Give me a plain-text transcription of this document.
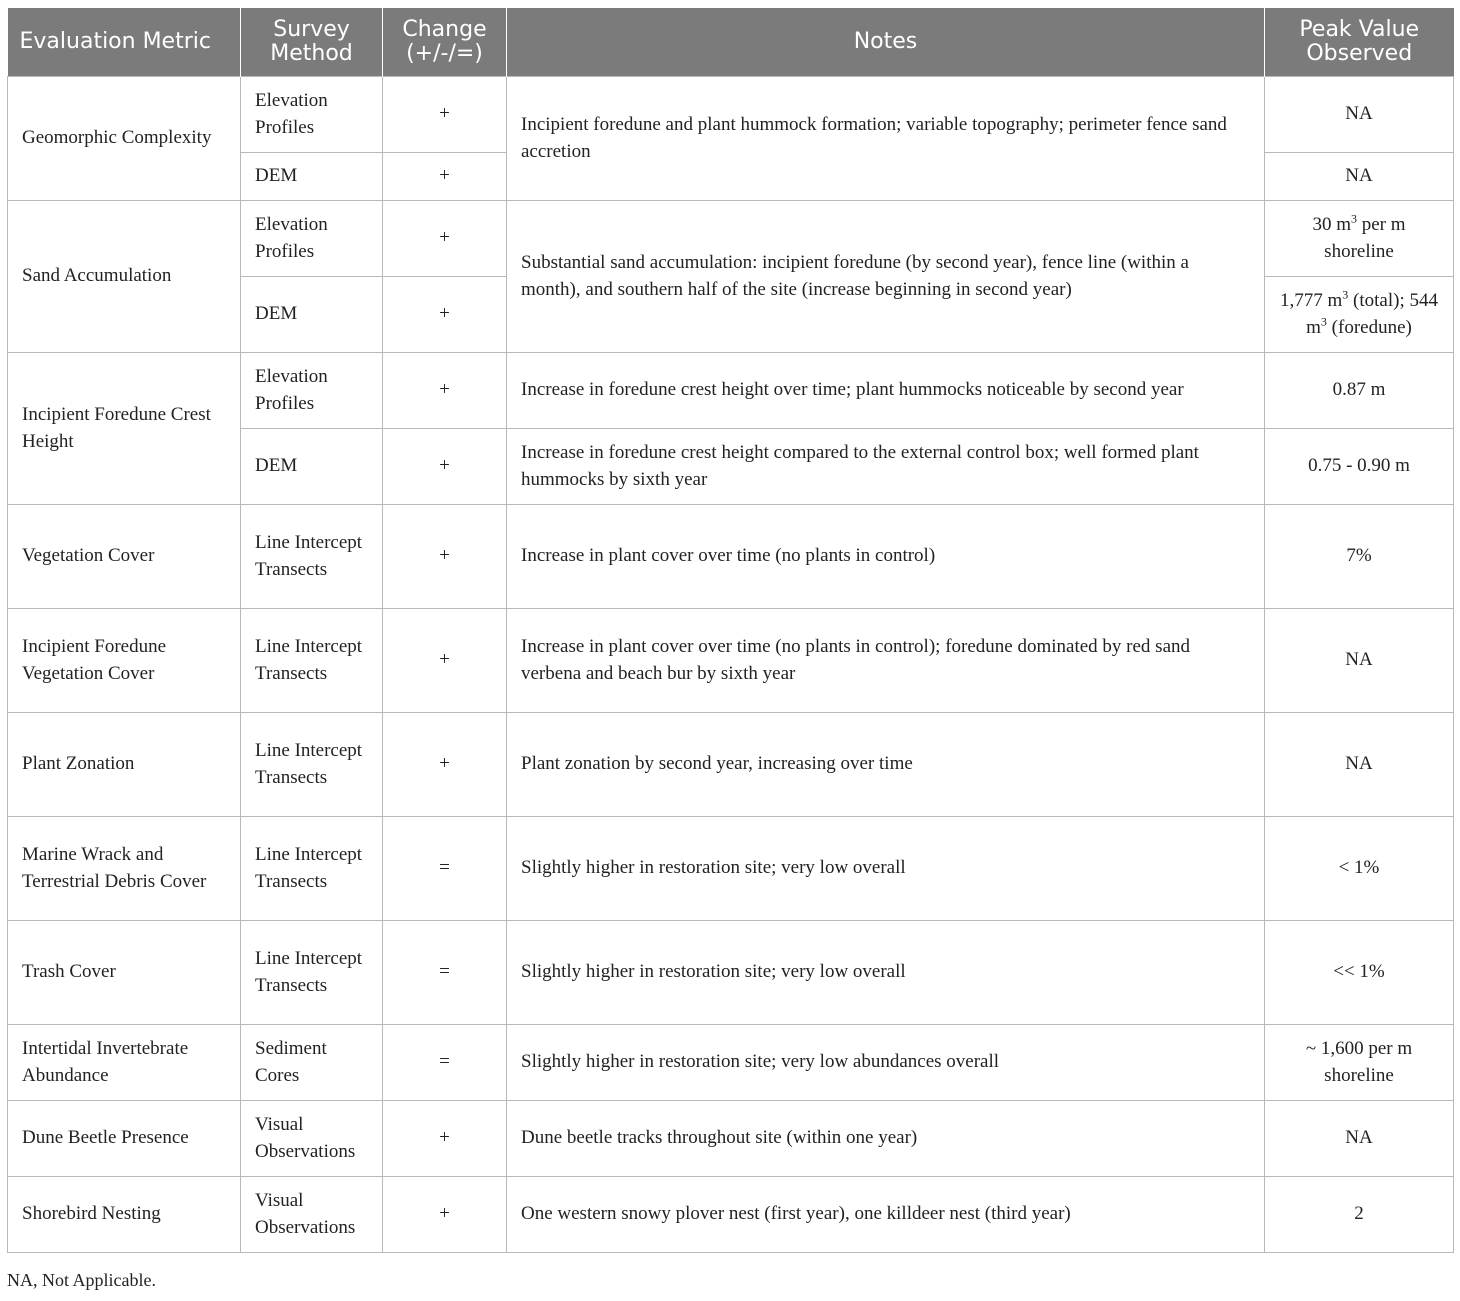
Evaluation Metric	Survey Method	Change (+/-/=)	Notes	Peak Value Observed
Geomorphic Complexity	Elevation Profiles	+	Incipient foredune and plant hummock formation; variable topography; perimeter fence sand accretion	NA
	DEM	+		NA
Sand Accumulation	Elevation Profiles	+	Substantial sand accumulation: incipient foredune (by second year), fence line (within a month), and southern half of the site (increase beginning in second year)	30 $m^3$ per m shoreline
	DEM	+		1,777 $m^3$ (total); 544 $m^3$ (foredune)
Incipient Foredune Crest Height	Elevation Profiles	+	Increase in foredune crest height over time; plant hummocks noticeable by second year	0.87 m
	DEM	+	Increase in foredune crest height compared to the external control box; well formed plant hummocks by sixth year	0.75 - 0.90 m
Vegetation Cover	Line Intercept Transects	+	Increase in plant cover over time (no plants in control)	7%
Incipient Foredune Vegetation Cover	Line Intercept Transects	+	Increase in plant cover over time (no plants in control); foredune dominated by red sand verbena and beach bur by sixth year	NA
Plant Zonation	Line Intercept Transects	+	Plant zonation by second year, increasing over time	NA
Marine Wrack and Terrestrial Debris Cover	Line Intercept Transects	=	Slightly higher in restoration site; very low overall	< 1%
Trash Cover	Line Intercept Transects	=	Slightly higher in restoration site; very low overall	<< 1%
Intertidal Invertebrate Abundance	Sediment Cores	=	Slightly higher in restoration site; very low abundances overall	~ 1,600 per m shoreline
Dune Beetle Presence	Visual Observations	+	Dune beetle tracks throughout site (within one year)	NA
Shorebird Nesting	Visual Observations	+	One western snowy plover nest (first year), one killdeer nest (third year)	2
NA, Not Applicable.
